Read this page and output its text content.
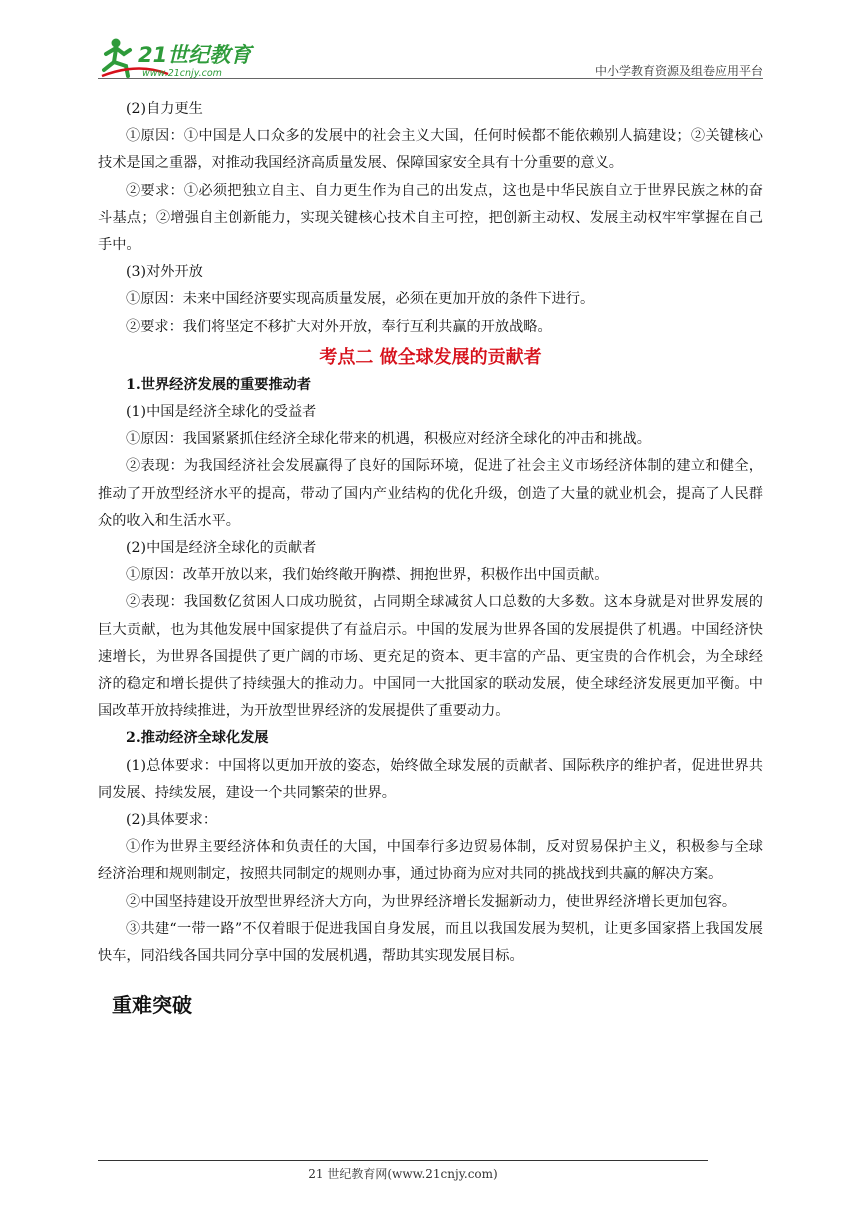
21世纪教育
www.21cnjy.com	中小学教育资源及组卷应用平台

(2)自力更生

①原因：①中国是人口众多的发展中的社会主义大国，任何时候都不能依赖别人搞建设；②关键核心技术是国之重器，对推动我国经济高质量发展、保障国家安全具有十分重要的意义。

②要求：①必须把独立自主、自力更生作为自己的出发点，这也是中华民族自立于世界民族之林的奋斗基点；②增强自主创新能力，实现关键核心技术自主可控，把创新主动权、发展主动权牢牢掌握在自己手中。

(3)对外开放

①原因：未来中国经济要实现高质量发展，必须在更加开放的条件下进行。

②要求：我们将坚定不移扩大对外开放，奉行互利共赢的开放战略。

考点二 做全球发展的贡献者

1.世界经济发展的重要推动者

(1)中国是经济全球化的受益者

①原因：我国紧紧抓住经济全球化带来的机遇，积极应对经济全球化的冲击和挑战。

②表现：为我国经济社会发展赢得了良好的国际环境，促进了社会主义市场经济体制的建立和健全，推动了开放型经济水平的提高，带动了国内产业结构的优化升级，创造了大量的就业机会，提高了人民群众的收入和生活水平。

(2)中国是经济全球化的贡献者

①原因：改革开放以来，我们始终敞开胸襟、拥抱世界，积极作出中国贡献。

②表现：我国数亿贫困人口成功脱贫，占同期全球减贫人口总数的大多数。这本身就是对世界发展的巨大贡献，也为其他发展中国家提供了有益启示。中国的发展为世界各国的发展提供了机遇。中国经济快速增长，为世界各国提供了更广阔的市场、更充足的资本、更丰富的产品、更宝贵的合作机会，为全球经济的稳定和增长提供了持续强大的推动力。中国同一大批国家的联动发展，使全球经济发展更加平衡。中国改革开放持续推进，为开放型世界经济的发展提供了重要动力。

2.推动经济全球化发展

(1)总体要求：中国将以更加开放的姿态，始终做全球发展的贡献者、国际秩序的维护者，促进世界共同发展、持续发展，建设一个共同繁荣的世界。

(2)具体要求：

①作为世界主要经济体和负责任的大国，中国奉行多边贸易体制，反对贸易保护主义，积极参与全球经济治理和规则制定，按照共同制定的规则办事，通过协商为应对共同的挑战找到共赢的解决方案。

②中国坚持建设开放型世界经济大方向，为世界经济增长发掘新动力，使世界经济增长更加包容。

③共建“一带一路”不仅着眼于促进我国自身发展，而且以我国发展为契机，让更多国家搭上我国发展快车，同沿线各国共同分享中国的发展机遇，帮助其实现发展目标。

重难突破

21 世纪教育网(www.21cnjy.com)
